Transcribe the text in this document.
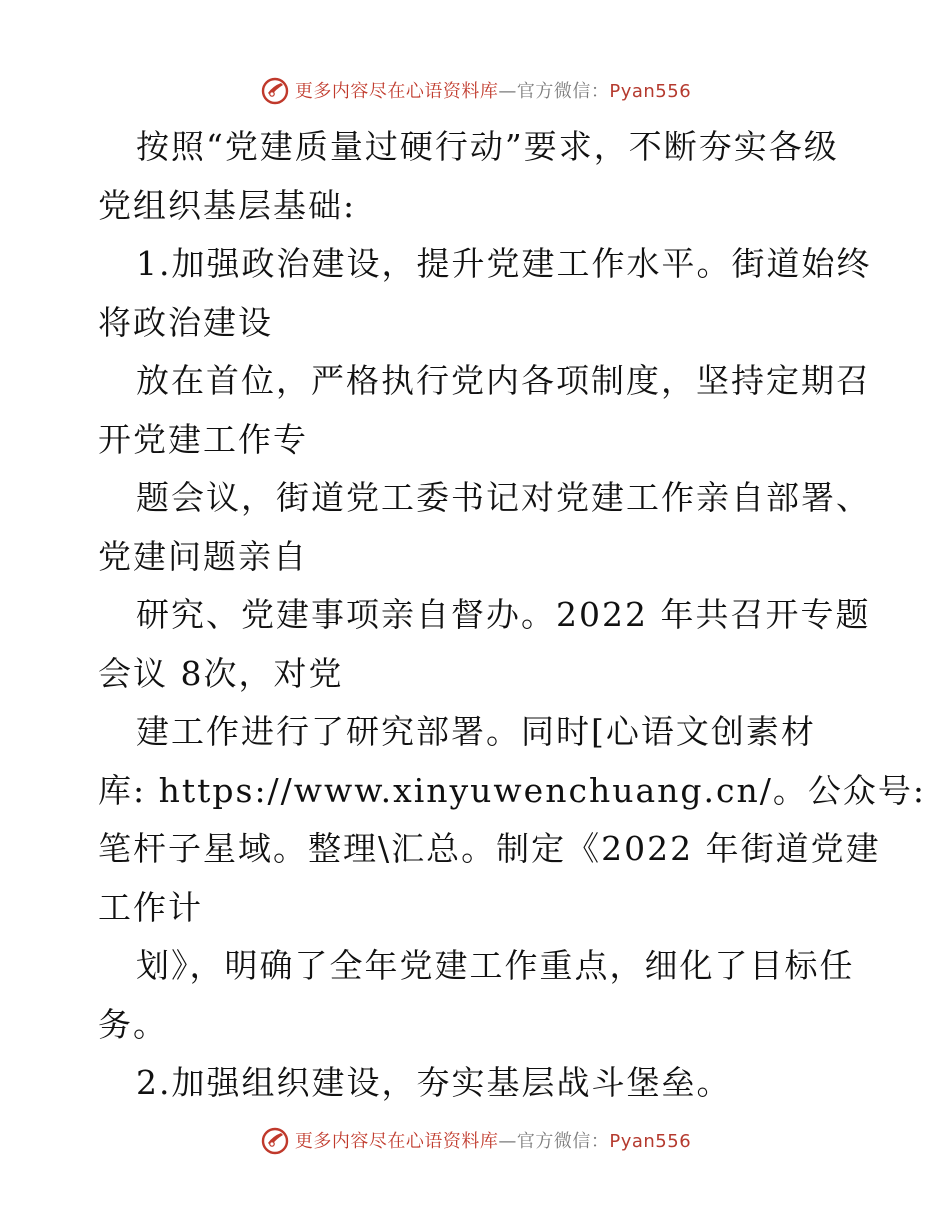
更多内容尽在心语资料库—官方微信：Pyan556
按照“党建质量过硬行动”要求，不断夯实各级
党组织基层基础:
1.加强政治建设，提升党建工作水平。街道始终
将政治建设
放在首位，严格执行党内各项制度，坚持定期召
开党建工作专
题会议，街道党工委书记对党建工作亲自部署、
党建问题亲自
研究、党建事项亲自督办。2022 年共召开专题
会议 8次，对党
建工作进行了研究部署。同时[心语文创素材
库: https://www.xinyuwenchuang.cn/。公众号:
笔杆子星域。整理\汇总。制定《2022 年街道党建
工作计
划》，明确了全年党建工作重点，细化了目标任
务。
2.加强组织建设，夯实基层战斗堡垒。
更多内容尽在心语资料库—官方微信：Pyan556
